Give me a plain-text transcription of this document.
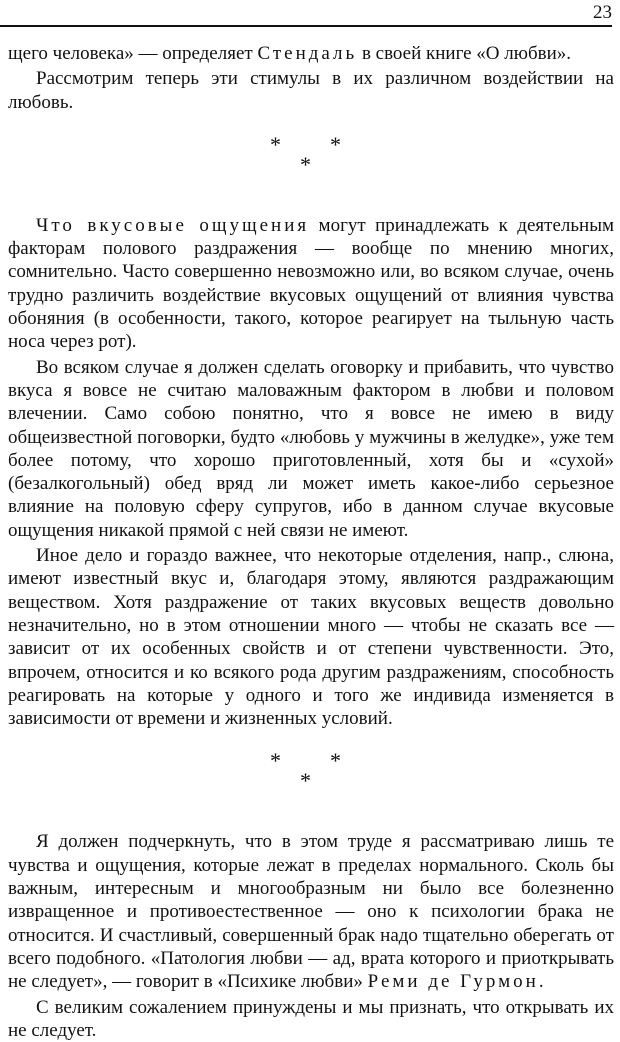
23

щего человека» — определяет Стендаль в своей книге «О любви».

Рассмотрим теперь эти стимулы в их различном воздействии на любовь.

* *
*

Что вкусовые ощущения могут принадлежать к деятельным факторам полового раздражения — вообще по мнению многих, сомнительно. Часто совершенно невозможно или, во всяком случае, очень трудно различить воздействие вкусовых ощущений от влияния чувства обоняния (в особенности, такого, которое реагирует на тыльную часть носа через рот).

Во всяком случае я должен сделать оговорку и прибавить, что чувство вкуса я вовсе не считаю маловажным фактором в любви и половом влечении. Само собою понятно, что я вовсе не имею в виду общеизвестной поговорки, будто «любовь у мужчины в желудке», уже тем более потому, что хорошо приготовленный, хотя бы и «сухой» (безалкогольный) обед вряд ли может иметь какое-либо серьезное влияние на половую сферу супругов, ибо в данном случае вкусовые ощущения никакой прямой с ней связи не имеют.

Иное дело и гораздо важнее, что некоторые отделения, напр., слюна, имеют известный вкус и, благодаря этому, являются раздражающим веществом. Хотя раздражение от таких вкусовых веществ довольно незначительно, но в этом отношении много — чтобы не сказать все — зависит от их особенных свойств и от степени чувственности. Это, впрочем, относится и ко всякого рода другим раздражениям, способность реагировать на которые у одного и того же индивида изменяется в зависимости от времени и жизненных условий.

* *
*

Я должен подчеркнуть, что в этом труде я рассматриваю лишь те чувства и ощущения, которые лежат в пределах нормального. Сколь бы важным, интересным и многообразным ни было все болезненно извращенное и противоестественное — оно к психологии брака не относится. И счастливый, совершенный брак надо тщательно оберегать от всего подобного. «Патология любви — ад, врата которого и приоткрывать не следует», — говорит в «Психике любви» Реми де Гурмон.

С великим сожалением принуждены и мы признать, что открывать их не следует.
